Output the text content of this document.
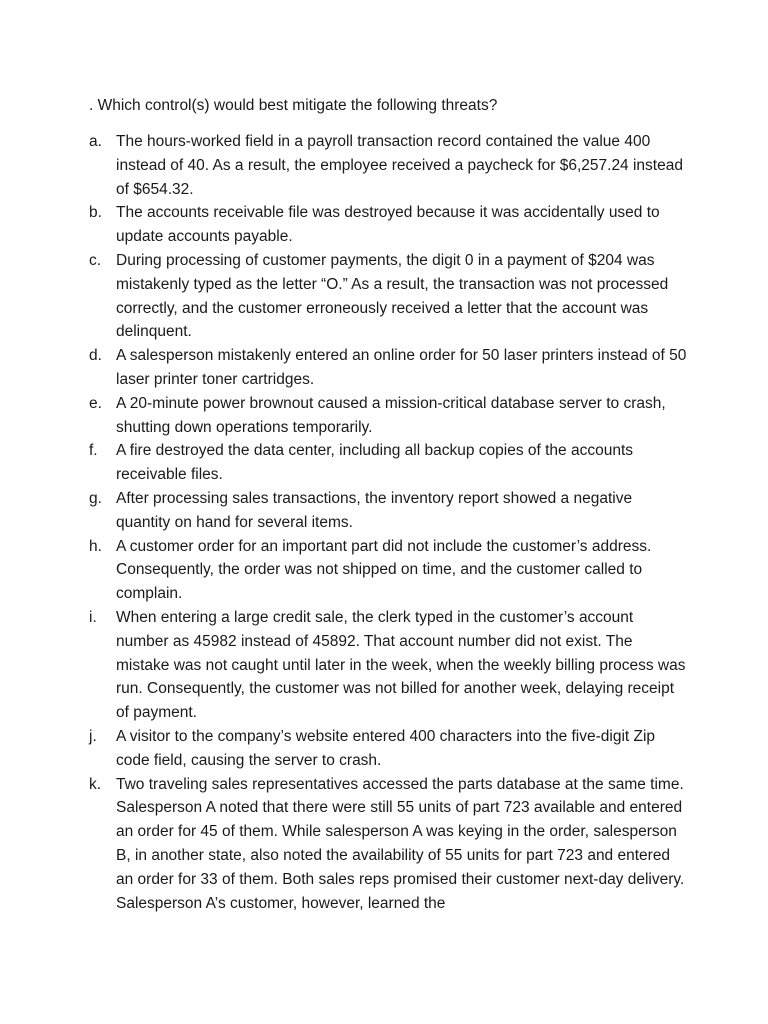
. Which control(s) would best mitigate the following threats?
a. The hours-worked field in a payroll transaction record contained the value 400 instead of 40. As a result, the employee received a paycheck for $6,257.24 instead of $654.32.
b. The accounts receivable file was destroyed because it was accidentally used to update accounts payable.
c. During processing of customer payments, the digit 0 in a payment of $204 was mistakenly typed as the letter “O.” As a result, the transaction was not processed correctly, and the customer erroneously received a letter that the account was delinquent.
d. A salesperson mistakenly entered an online order for 50 laser printers instead of 50 laser printer toner cartridges.
e. A 20-minute power brownout caused a mission-critical database server to crash, shutting down operations temporarily.
f.	A fire destroyed the data center, including all backup copies of the accounts receivable files.
g. After processing sales transactions, the inventory report showed a negative quantity on hand for several items.
h. A customer order for an important part did not include the customer’s address. Consequently, the order was not shipped on time, and the customer called to complain.
i.	When entering a large credit sale, the clerk typed in the customer’s account number as 45982 instead of 45892. That account number did not exist. The mistake was not caught until later in the week, when the weekly billing process was run. Consequently, the customer was not billed for another week, delaying receipt of payment.
j.	A visitor to the company’s website entered 400 characters into the five-digit Zip code field, causing the server to crash.
k. Two traveling sales representatives accessed the parts database at the same time. Salesperson A noted that there were still 55 units of part 723 available and entered an order for 45 of them. While salesperson A was keying in the order, salesperson B, in another state, also noted the availability of 55 units for part 723 and entered an order for 33 of them. Both sales reps promised their customer next-day delivery. Salesperson A’s customer, however, learned the
